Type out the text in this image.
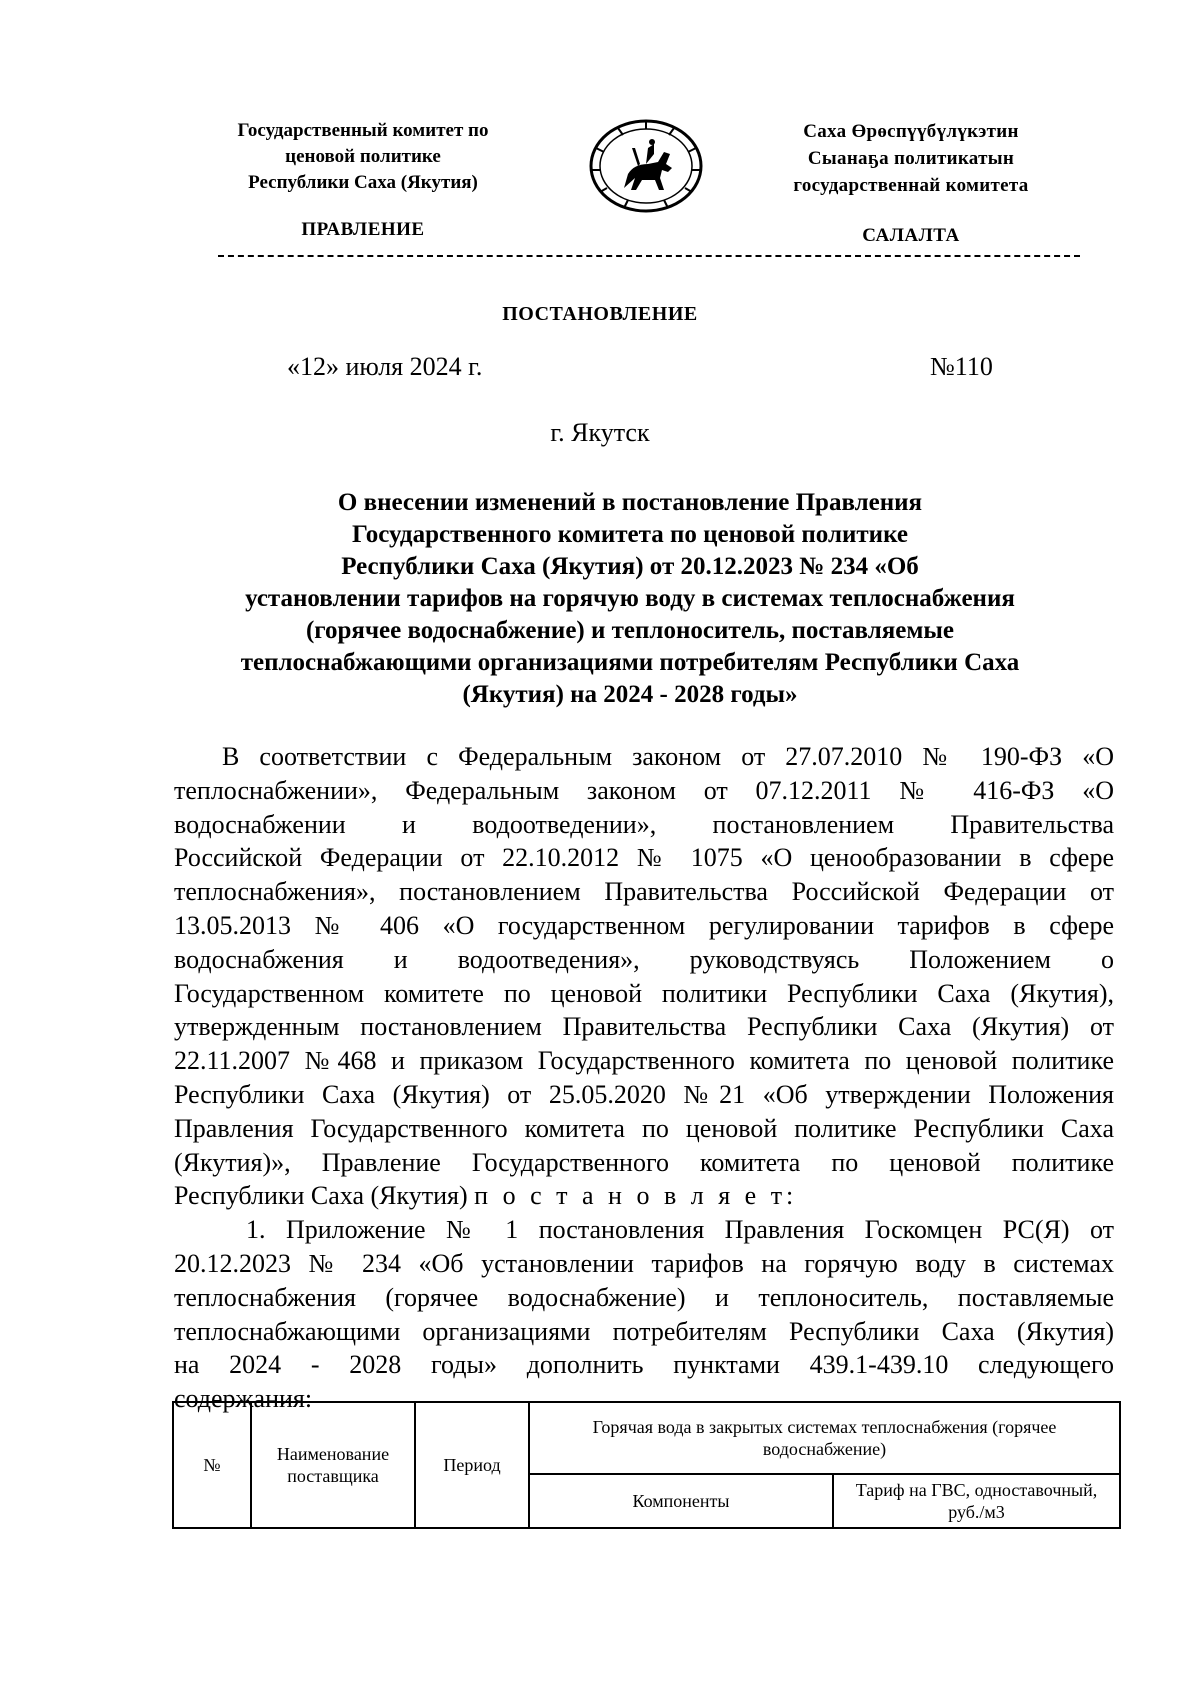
Государственный комитет по
ценовой политике
Республики Саха (Якутия)
ПРАВЛЕНИЕ
Саха Өрөспүүбүлүкэтин
Сыанаҕа политикатын
государственнай комитета
САЛАЛТА
ПОСТАНОВЛЕНИЕ
«12» июля 2024 г.	№110
г. Якутск
О внесении изменений в постановление Правления
Государственного комитета по ценовой политике
Республики Саха (Якутия) от 20.12.2023 № 234 «Об
установлении тарифов на горячую воду в системах теплоснабжения
(горячее водоснабжение) и теплоноситель, поставляемые
теплоснабжающими организациями потребителям Республики Саха
(Якутия) на 2024 - 2028 годы»
В соответствии с Федеральным законом от 27.07.2010 № 190-ФЗ «О
теплоснабжении», Федеральным законом от 07.12.2011 № 416-ФЗ «О
водоснабжении и водоотведении», постановлением Правительства
Российской Федерации от 22.10.2012 № 1075 «О ценообразовании в сфере
теплоснабжения», постановлением Правительства Российской Федерации от
13.05.2013 № 406 «О государственном регулировании тарифов в сфере
водоснабжения и водоотведения», руководствуясь Положением о
Государственном комитете по ценовой политики Республики Саха (Якутия),
утвержденным постановлением Правительства Республики Саха (Якутия) от
22.11.2007 №468 и приказом Государственного комитета по ценовой политике
Республики Саха (Якутия) от 25.05.2020 №21 «Об утверждении Положения
Правления Государственного комитета по ценовой политике Республики Саха
(Якутия)», Правление Государственного комитета по ценовой политике
Республики Саха (Якутия) п о с т а н о в л я е т:
1. Приложение № 1 постановления Правления Госкомцен РС(Я) от
20.12.2023 № 234 «Об установлении тарифов на горячую воду в системах
теплоснабжения (горячее водоснабжение) и теплоноситель, поставляемые
теплоснабжающими организациями потребителям Республики Саха (Якутия)
на 2024 - 2028 годы» дополнить пунктами 439.1-439.10 следующего
содержания:
№	Наименование поставщика	Период	Горячая вода в закрытых системах теплоснабжения (горячее водоснабжение)	
			Компоненты	Тариф на ГВС, одноставочный, руб./м3
